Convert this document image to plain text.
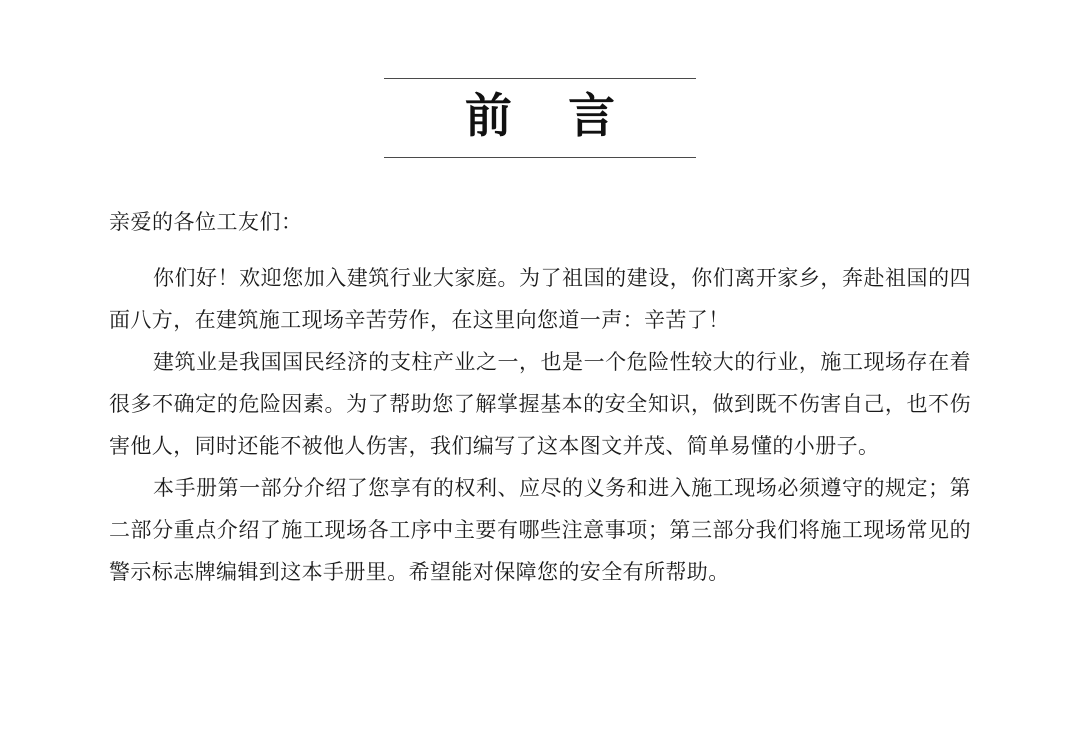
前 言
亲爱的各位工友们：

你们好！欢迎您加入建筑行业大家庭。为了祖国的建设，你们离开家乡，奔赴祖国的四面八方，在建筑施工现场辛苦劳作，在这里向您道一声：辛苦了！

建筑业是我国国民经济的支柱产业之一，也是一个危险性较大的行业，施工现场存在着很多不确定的危险因素。为了帮助您了解掌握基本的安全知识，做到既不伤害自己，也不伤害他人，同时还能不被他人伤害，我们编写了这本图文并茂、简单易懂的小册子。

本手册第一部分介绍了您享有的权利、应尽的义务和进入施工现场必须遵守的规定；第二部分重点介绍了施工现场各工序中主要有哪些注意事项；第三部分我们将施工现场常见的警示标志牌编辑到这本手册里。希望能对保障您的安全有所帮助。
